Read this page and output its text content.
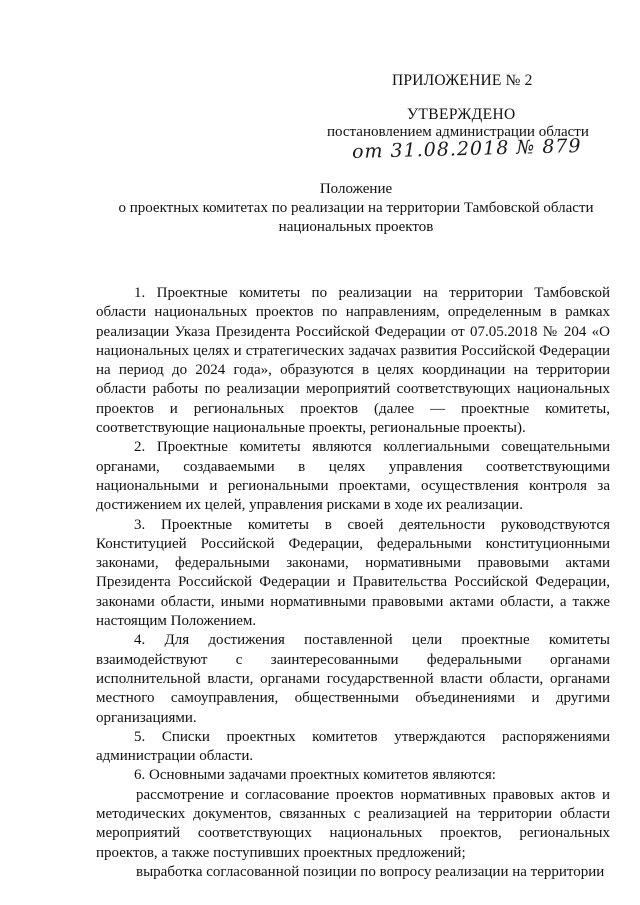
ПРИЛОЖЕНИЕ № 2
УТВЕРЖДЕНО
постановлением администрации области
от 31.08.2018 № 879
Положение
о проектных комитетах по реализации на территории Тамбовской области
национальных проектов

1. Проектные комитеты по реализации на территории Тамбовской области национальных проектов по направлениям, определенным в рамках реализации Указа Президента Российской Федерации от 07.05.2018 № 204 «О национальных целях и стратегических задачах развития Российской Федерации на период до 2024 года», образуются в целях координации на территории области работы по реализации мероприятий соответствующих национальных проектов и региональных проектов (далее — проектные комитеты, соответствующие национальные проекты, региональные проекты).

2. Проектные комитеты являются коллегиальными совещательными органами, создаваемыми в целях управления соответствующими национальными и региональными проектами, осуществления контроля за достижением их целей, управления рисками в ходе их реализации.

3. Проектные комитеты в своей деятельности руководствуются Конституцией Российской Федерации, федеральными конституционными законами, федеральными законами, нормативными правовыми актами Президента Российской Федерации и Правительства Российской Федерации, законами области, иными нормативными правовыми актами области, а также настоящим Положением.

4. Для достижения поставленной цели проектные комитеты взаимодействуют с заинтересованными федеральными органами исполнительной власти, органами государственной власти области, органами местного самоуправления, общественными объединениями и другими организациями.

5. Списки проектных комитетов утверждаются распоряжениями администрации области.

6. Основными задачами проектных комитетов являются:

рассмотрение и согласование проектов нормативных правовых актов и методических документов, связанных с реализацией на территории области мероприятий соответствующих национальных проектов, региональных проектов, а также поступивших проектных предложений;

выработка согласованной позиции по вопросу реализации на территории
